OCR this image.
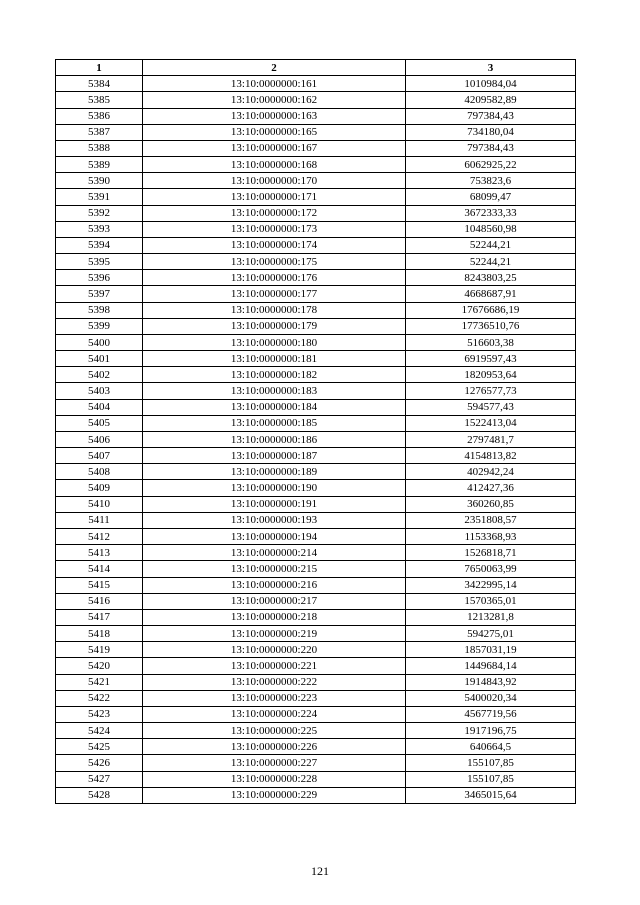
1	2	3
5384	13:10:0000000:161	1010984,04
5385	13:10:0000000:162	4209582,89
5386	13:10:0000000:163	797384,43
5387	13:10:0000000:165	734180,04
5388	13:10:0000000:167	797384,43
5389	13:10:0000000:168	6062925,22
5390	13:10:0000000:170	753823,6
5391	13:10:0000000:171	68099,47
5392	13:10:0000000:172	3672333,33
5393	13:10:0000000:173	1048560,98
5394	13:10:0000000:174	52244,21
5395	13:10:0000000:175	52244,21
5396	13:10:0000000:176	8243803,25
5397	13:10:0000000:177	4668687,91
5398	13:10:0000000:178	17676686,19
5399	13:10:0000000:179	17736510,76
5400	13:10:0000000:180	516603,38
5401	13:10:0000000:181	6919597,43
5402	13:10:0000000:182	1820953,64
5403	13:10:0000000:183	1276577,73
5404	13:10:0000000:184	594577,43
5405	13:10:0000000:185	1522413,04
5406	13:10:0000000:186	2797481,7
5407	13:10:0000000:187	4154813,82
5408	13:10:0000000:189	402942,24
5409	13:10:0000000:190	412427,36
5410	13:10:0000000:191	360260,85
5411	13:10:0000000:193	2351808,57
5412	13:10:0000000:194	1153368,93
5413	13:10:0000000:214	1526818,71
5414	13:10:0000000:215	7650063,99
5415	13:10:0000000:216	3422995,14
5416	13:10:0000000:217	1570365,01
5417	13:10:0000000:218	1213281,8
5418	13:10:0000000:219	594275,01
5419	13:10:0000000:220	1857031,19
5420	13:10:0000000:221	1449684,14
5421	13:10:0000000:222	1914843,92
5422	13:10:0000000:223	5400020,34
5423	13:10:0000000:224	4567719,56
5424	13:10:0000000:225	1917196,75
5425	13:10:0000000:226	640664,5
5426	13:10:0000000:227	155107,85
5427	13:10:0000000:228	155107,85
5428	13:10:0000000:229	3465015,64
121
